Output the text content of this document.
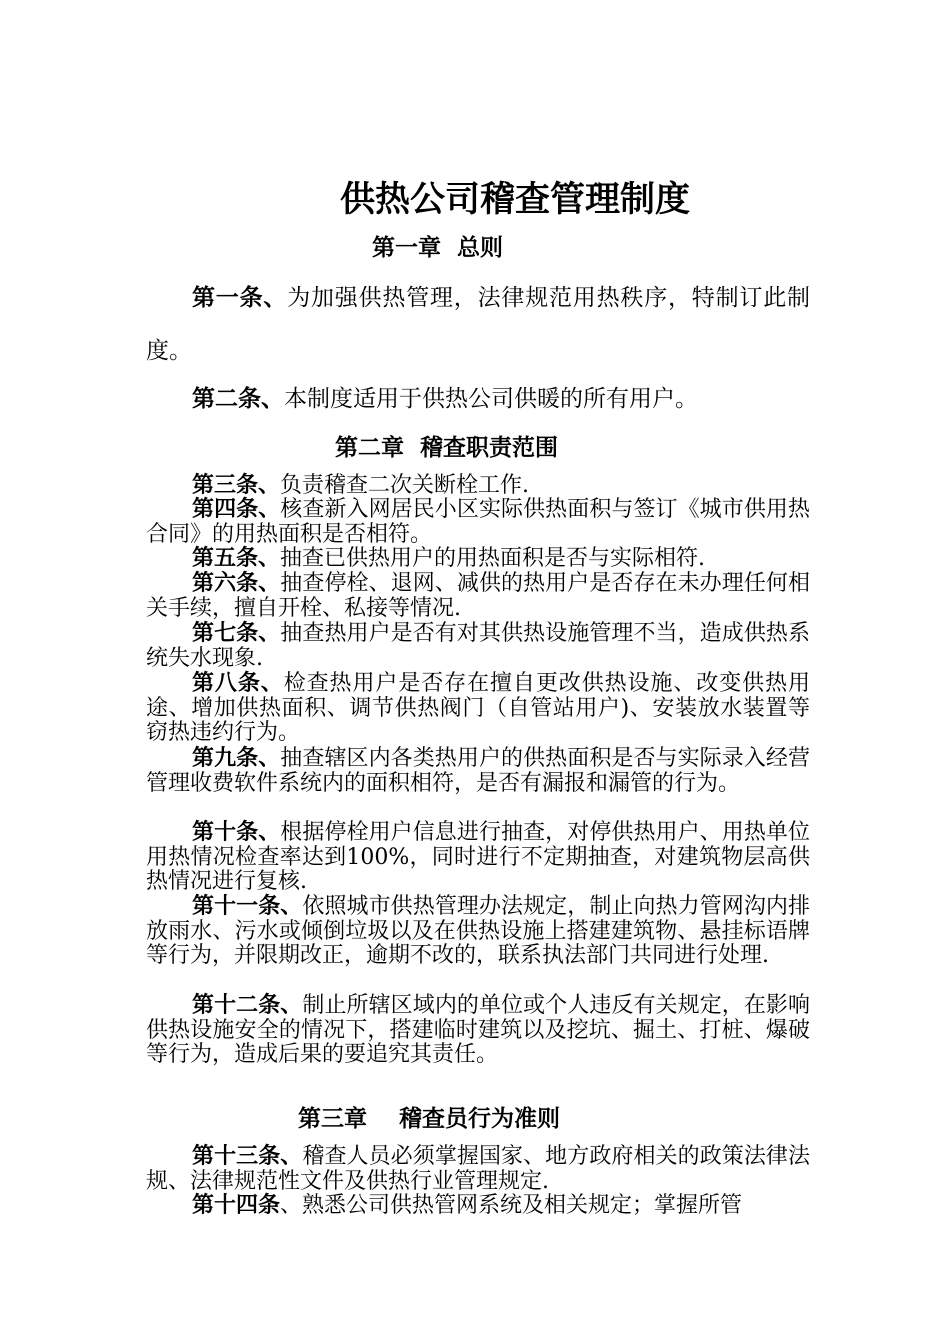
供热公司稽查管理制度
第一章  总则

第一条、为加强供热管理，法律规范用热秩序，特制订此制度。

第二条、本制度适用于供热公司供暖的所有用户。

第二章  稽查职责范围

第三条、负责稽查二次关断栓工作.

第四条、核查新入网居民小区实际供热面积与签订《城市供用热合同》的用热面积是否相符。

第五条、抽查已供热用户的用热面积是否与实际相符.

第六条、抽查停栓、退网、减供的热用户是否存在未办理任何相关手续，擅自开栓、私接等情况.

第七条、抽查热用户是否有对其供热设施管理不当，造成供热系统失水现象.

第八条、检查热用户是否存在擅自更改供热设施、改变供热用途、增加供热面积、调节供热阀门（自管站用户)、安装放水装置等窃热违约行为。

第九条、抽查辖区内各类热用户的供热面积是否与实际录入经营管理收费软件系统内的面积相符，是否有漏报和漏管的行为。

第十条、根据停栓用户信息进行抽查，对停供热用户、用热单位用热情况检查率达到100%，同时进行不定期抽查，对建筑物层高供热情况进行复核.

第十一条、依照城市供热管理办法规定，制止向热力管网沟内排放雨水、污水或倾倒垃圾以及在供热设施上搭建建筑物、悬挂标语牌等行为，并限期改正，逾期不改的，联系执法部门共同进行处理.

第十二条、制止所辖区域内的单位或个人违反有关规定，在影响供热设施安全的情况下，搭建临时建筑以及挖坑、掘土、打桩、爆破等行为，造成后果的要追究其责任。

第三章    稽查员行为准则

第十三条、稽查人员必须掌握国家、地方政府相关的政策法律法规、法律规范性文件及供热行业管理规定.

第十四条、熟悉公司供热管网系统及相关规定；掌握所管
